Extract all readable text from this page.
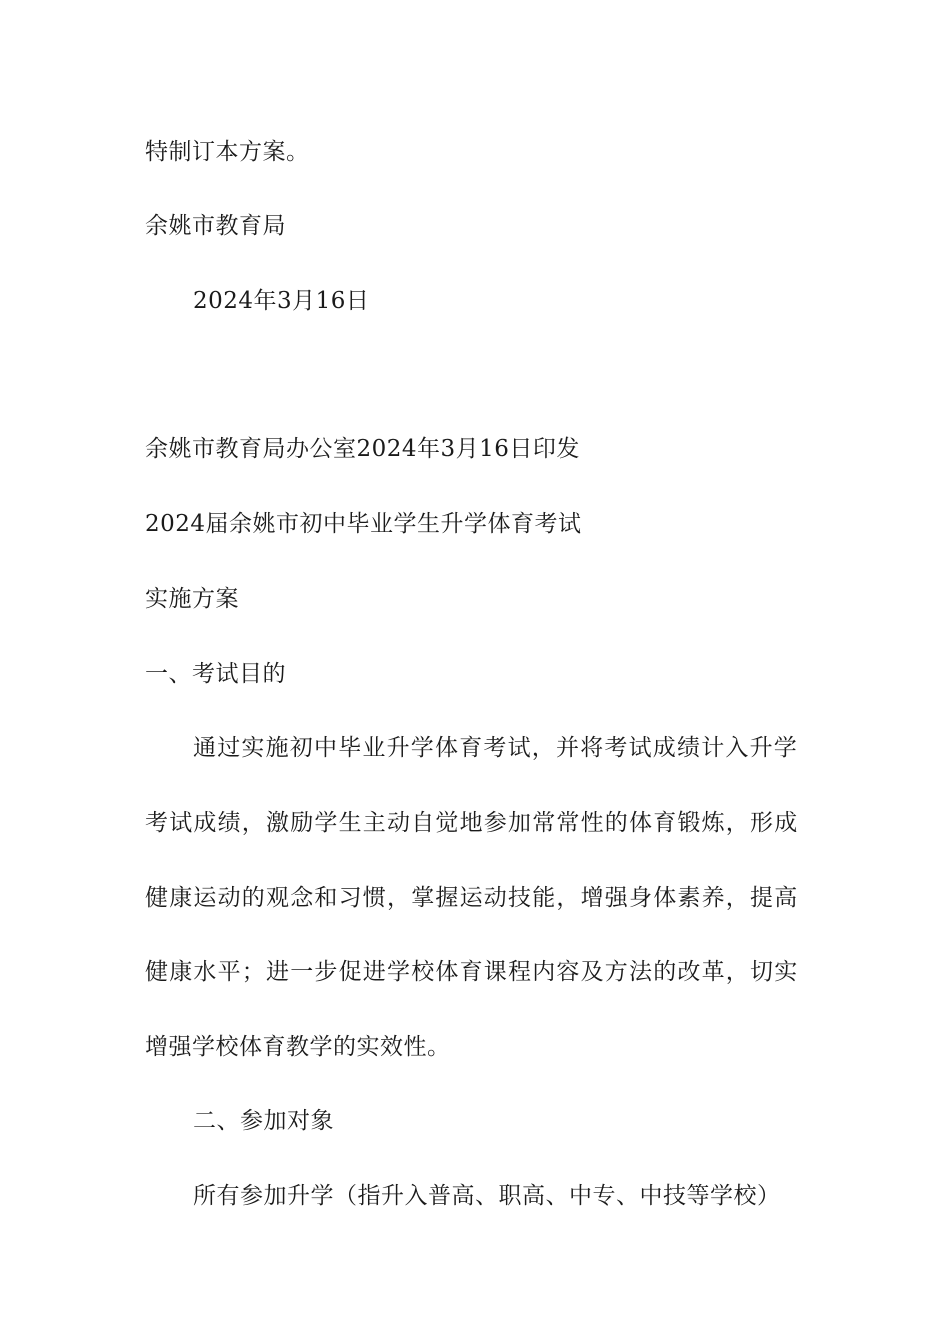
特制订本方案。
余姚市教育局
2024年3月16日
余姚市教育局办公室2024年3月16日印发
2024届余姚市初中毕业学生升学体育考试
实施方案
一、考试目的
通过实施初中毕业升学体育考试，并将考试成绩计入升学
考试成绩，激励学生主动自觉地参加常常性的体育锻炼，形成
健康运动的观念和习惯，掌握运动技能，增强身体素养，提高
健康水平；进一步促进学校体育课程内容及方法的改革，切实
增强学校体育教学的实效性。
二、参加对象
所有参加升学（指升入普高、职高、中专、中技等学校）
